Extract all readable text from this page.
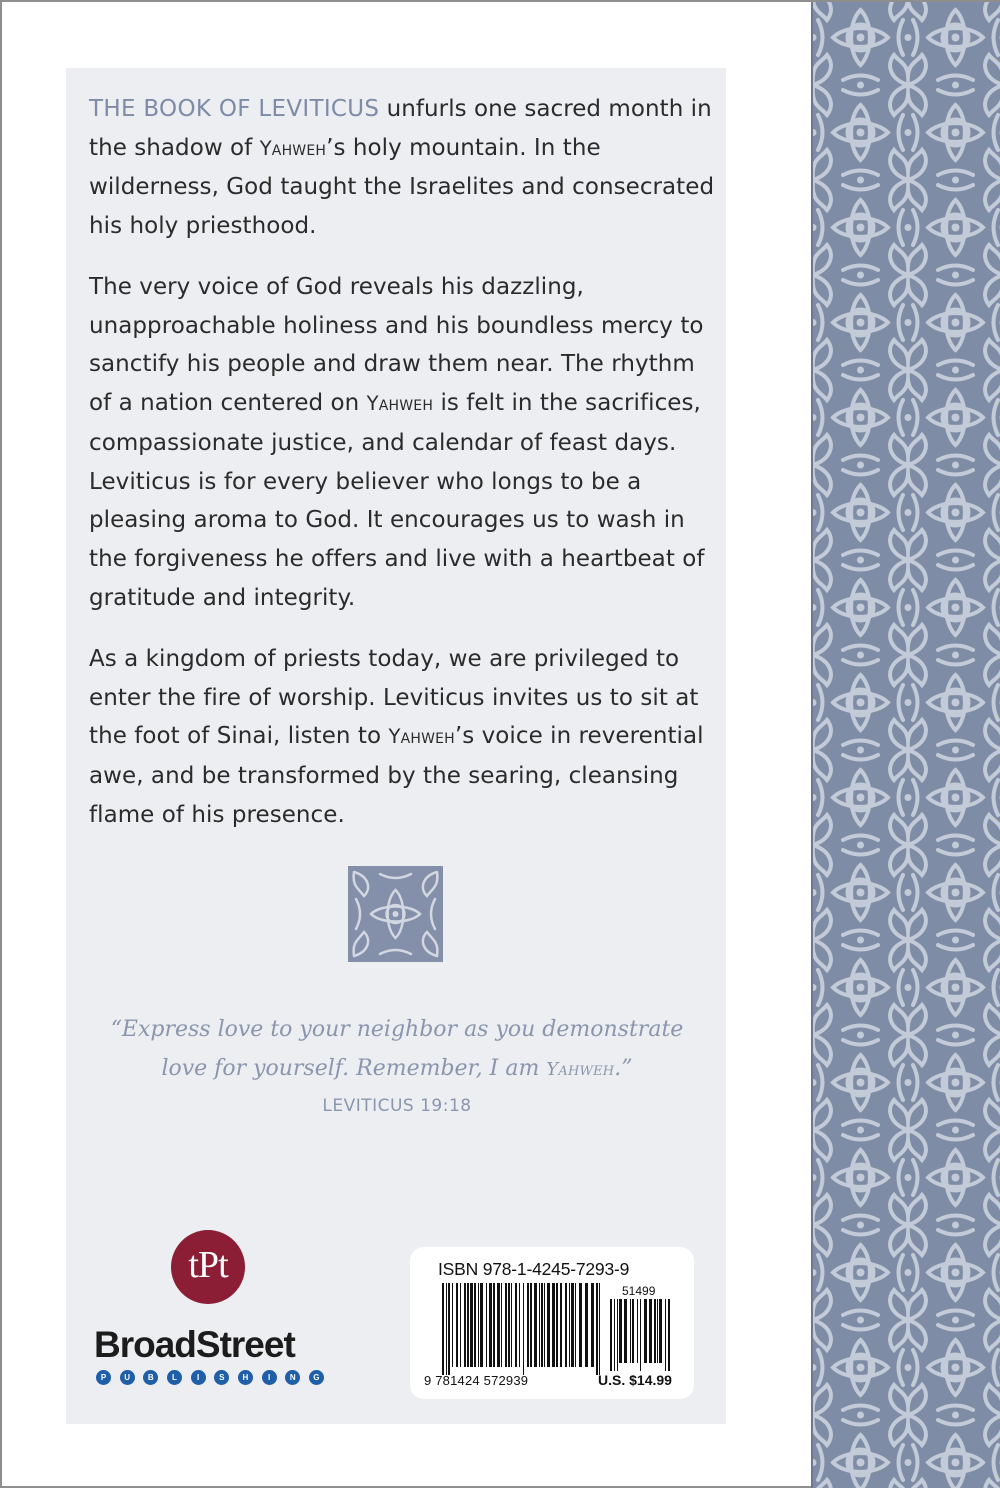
THE BOOK OF LEVITICUS unfurls one sacred month in the shadow of Yahweh’s holy mountain. In the wilderness, God taught the Israelites and consecrated his holy priesthood.

The very voice of God reveals his dazzling, unapproachable holiness and his boundless mercy to sanctify his people and draw them near. The rhythm of a nation centered on Yahweh is felt in the sacrifices, compassionate justice, and calendar of feast days. Leviticus is for every believer who longs to be a pleasing aroma to God. It encourages us to wash in the forgiveness he offers and live with a heartbeat of gratitude and integrity.

As a kingdom of priests today, we are privileged to enter the fire of worship. Leviticus invites us to sit at the foot of Sinai, listen to Yahweh’s voice in reverential awe, and be transformed by the searing, cleansing flame of his presence.

“Express love to your neighbor as you demonstrate love for yourself. Remember, I am Yahweh.”
LEVITICUS 19:18
tPt
BroadStreet
P	U	B	L	I	S	H	I	N	G
ISBN 978-1-4245-7293-9
51499
9 781424 572939	U.S. $14.99
